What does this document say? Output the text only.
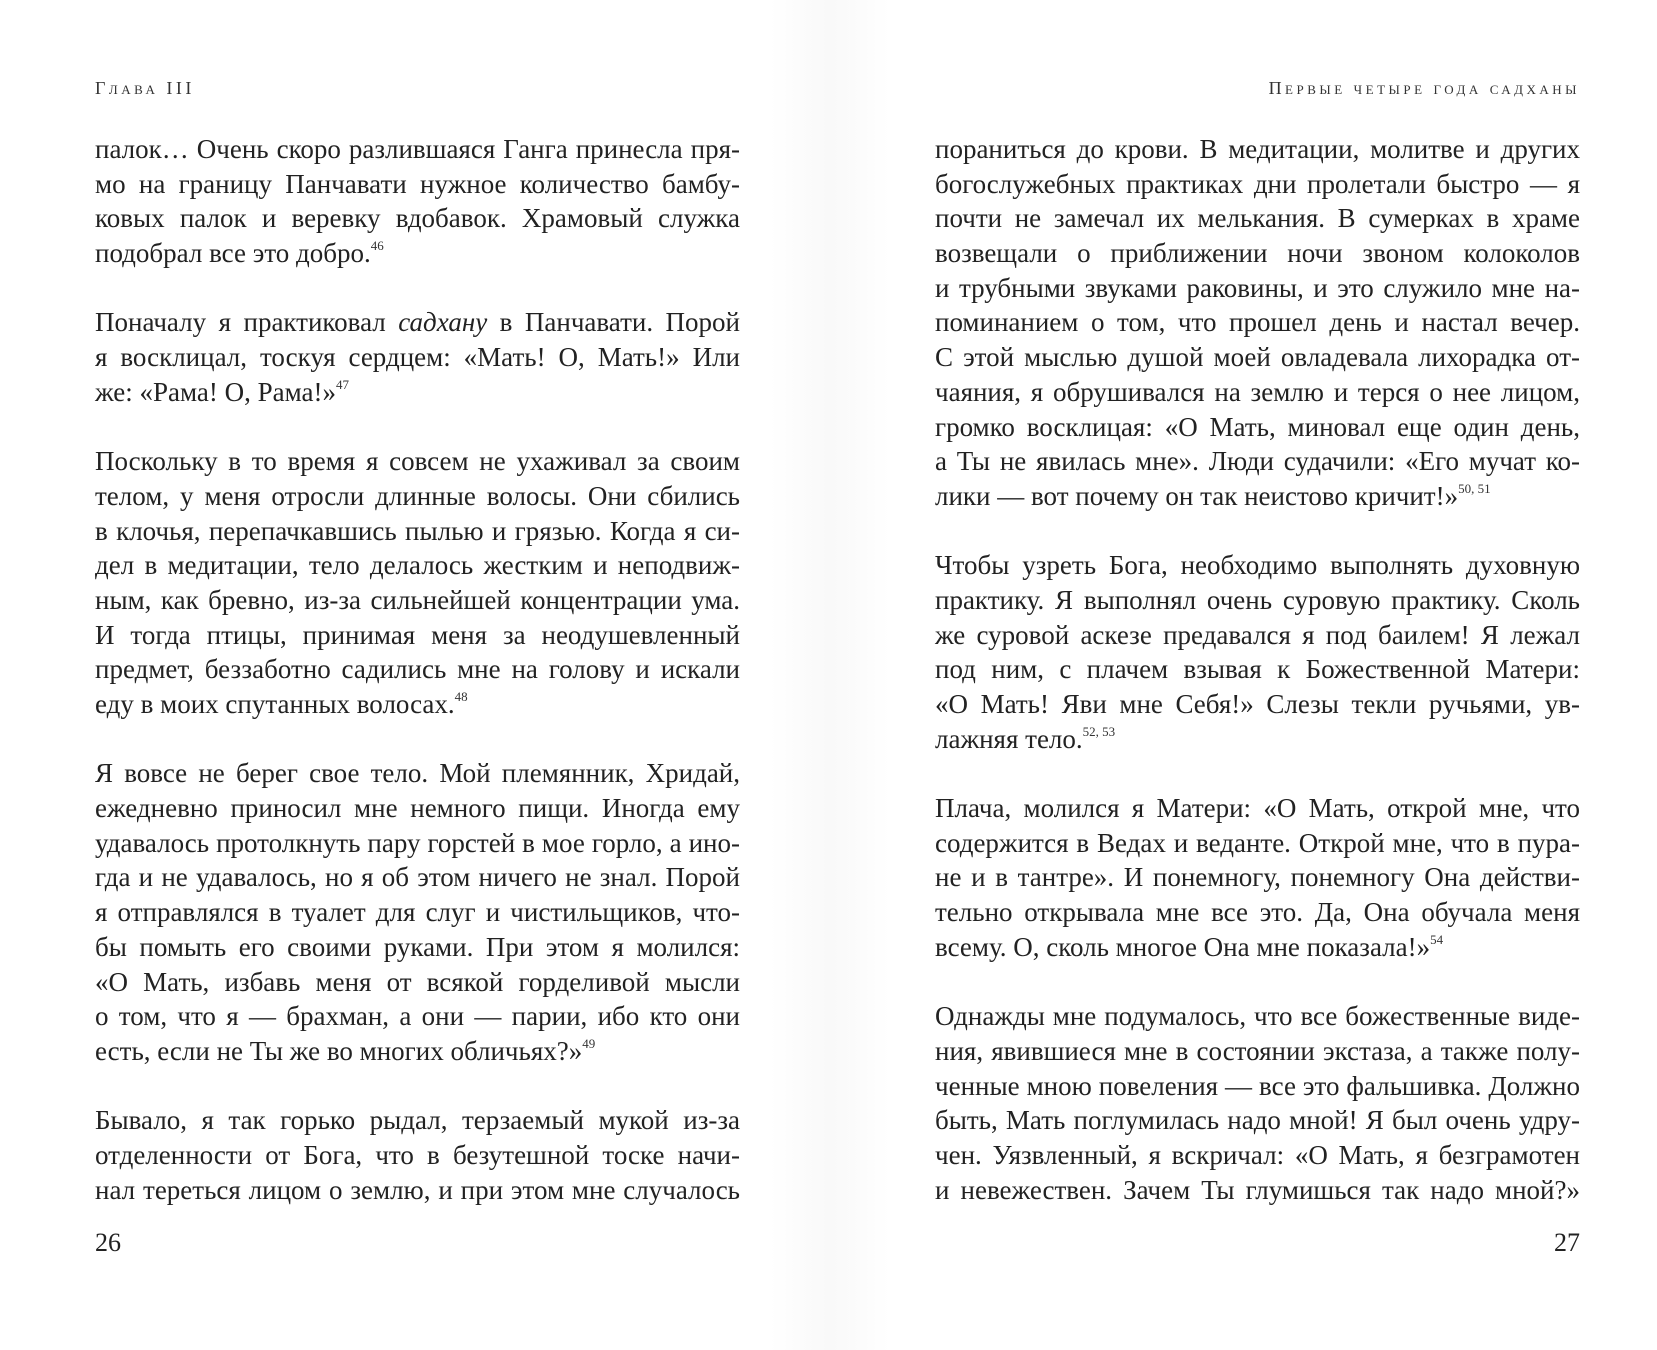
Глава III
палок… Очень скоро разлившаяся Ганга принесла пря-
мо на границу Панчавати нужное количество бамбу-
ковых палок и веревку вдобавок. Храмовый служка
подобрал все это добро.$^{46}$
Поначалу я практиковал садхану в Панчавати. Порой
я восклицал, тоскуя сердцем: «Мать! О, Мать!» Или
же: «Рама! О, Рама!»$^{47}$
Поскольку в то время я совсем не ухаживал за своим
телом, у меня отросли длинные волосы. Они сбились
в клочья, перепачкавшись пылью и грязью. Когда я си-
дел в медитации, тело делалось жестким и неподвиж-
ным, как бревно, из-за сильнейшей концентрации ума.
И тогда птицы, принимая меня за неодушевленный
предмет, беззаботно садились мне на голову и искали
еду в моих спутанных волосах.$^{48}$
Я вовсе не берег свое тело. Мой племянник, Хридай,
ежедневно приносил мне немного пищи. Иногда ему
удавалось протолкнуть пару горстей в мое горло, а ино-
гда и не удавалось, но я об этом ничего не знал. Порой
я отправлялся в туалет для слуг и чистильщиков, что-
бы помыть его своими руками. При этом я молился:
«О Мать, избавь меня от всякой горделивой мысли
о том, что я — брахман, а они — парии, ибо кто они
есть, если не Ты же во многих обличьях?»$^{49}$
Бывало, я так горько рыдал, терзаемый мукой из-за
отделенности от Бога, что в безутешной тоске начи-
нал тереться лицом о землю, и при этом мне случалось
26
Первые четыре года садханы
пораниться до крови. В медитации, молитве и других
богослужебных практиках дни пролетали быстро — я
почти не замечал их мелькания. В сумерках в храме
возвещали о приближении ночи звоном колоколов
и трубными звуками раковины, и это служило мне на-
поминанием о том, что прошел день и настал вечер.
С этой мыслью душой моей овладевала лихорадка от-
чаяния, я обрушивался на землю и терся о нее лицом,
громко восклицая: «О Мать, миновал еще один день,
а Ты не явилась мне». Люди судачили: «Его мучат ко-
лики — вот почему он так неистово кричит!»$^{50, 51}$
Чтобы узреть Бога, необходимо выполнять духовную
практику. Я выполнял очень суровую практику. Сколь
же суровой аскезе предавался я под баилем! Я лежал
под ним, с плачем взывая к Божественной Матери:
«О Мать! Яви мне Себя!» Слезы текли ручьями, ув-
лажняя тело.$^{52, 53}$
Плача, молился я Матери: «О Мать, открой мне, что
содержится в Ведах и веданте. Открой мне, что в пура-
не и в тантре». И понемногу, понемногу Она действи-
тельно открывала мне все это. Да, Она обучала меня
всему. О, сколь многое Она мне показала!»$^{54}$
Однажды мне подумалось, что все божественные виде-
ния, явившиеся мне в состоянии экстаза, а также полу-
ченные мною повеления — все это фальшивка. Должно
быть, Мать поглумилась надо мной! Я был очень удру-
чен. Уязвленный, я вскричал: «О Мать, я безграмотен
и невежествен. Зачем Ты глумишься так надо мной?»
27
